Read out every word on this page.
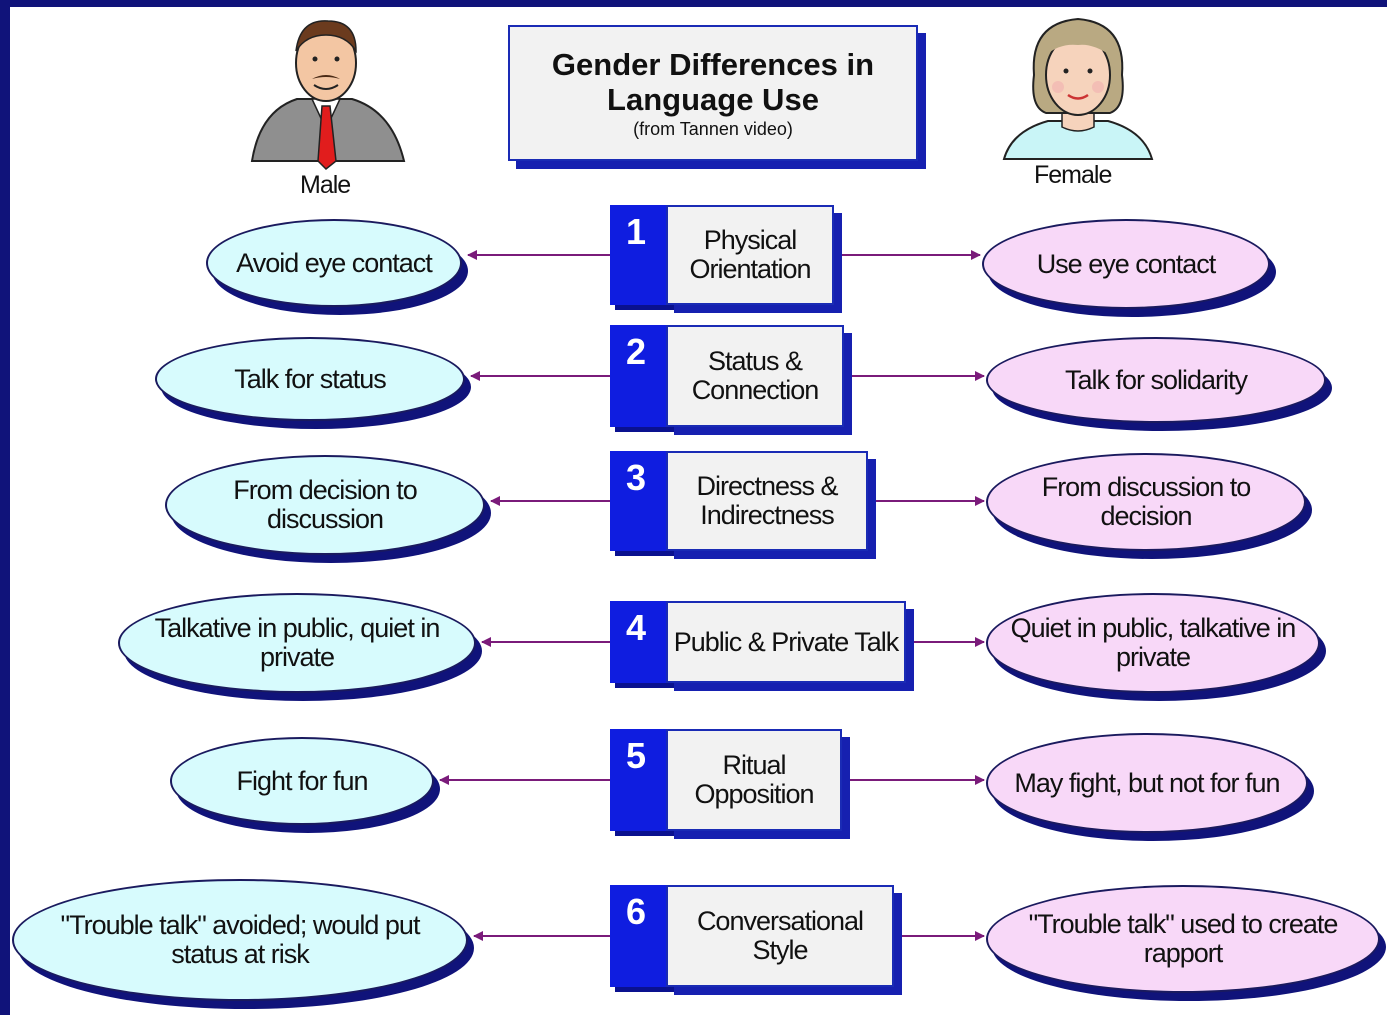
Gender Differences in
Language Use
(from Tannen video)
Male	Female
Avoid eye contact
1	Physical Orientation	Use eye contact
Talk for status
2	Status & Connection	Talk for solidarity
From decision to discussion
3	Directness & Indirectness
From discussion to decision
Talkative in public, quiet in private
4	Public & Private Talk	Quiet in public, talkative in private
Fight for fun
5	Ritual Opposition	May fight, but not for fun
"Trouble talk" avoided; would put status at risk
6	Conversational Style
"Trouble talk" used to create rapport
